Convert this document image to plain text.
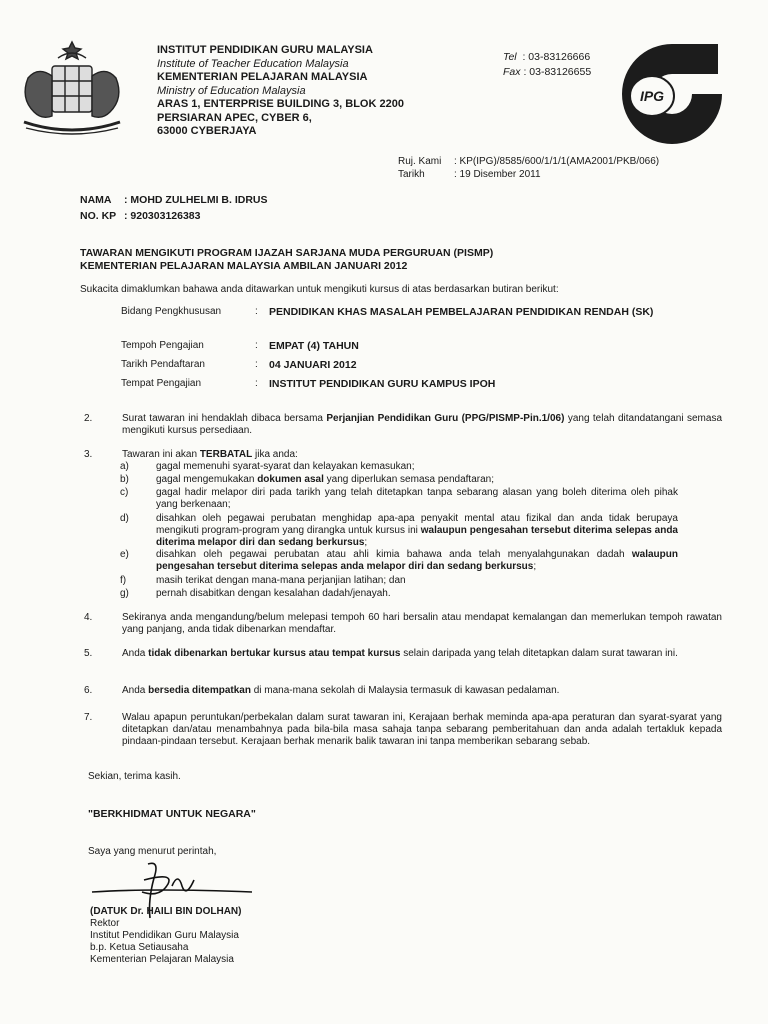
INSTITUT PENDIDIKAN GURU MALAYSIA
Institute of Teacher Education Malaysia
KEMENTERIAN PELAJARAN MALAYSIA
Ministry of Education Malaysia
ARAS 1, ENTERPRISE BUILDING 3, BLOK 2200
PERSIARAN APEC, CYBER 6,
63000 CYBERJAYA
Tel : 03-83126666
Fax : 03-83126655
IPG
Ruj. Kami	: KP(IPG)/8585/600/1/1/1(AMA2001/PKB/066)
Tarikh	: 19 Disember 2011
NAMA	: MOHD ZULHELMI B. IDRUS
NO. KP : 920303126383
TAWARAN MENGIKUTI PROGRAM IJAZAH SARJANA MUDA PERGURUAN (PISMP)
KEMENTERIAN PELAJARAN MALAYSIA AMBILAN JANUARI 2012
Sukacita dimaklumkan bahawa anda ditawarkan untuk mengikuti kursus di atas berdasarkan butiran berikut:
Bidang Pengkhususan	:	PENDIDIKAN KHAS MASALAH PEMBELAJARAN PENDIDIKAN RENDAH (SK)
Tempoh Pengajian	:	EMPAT (4) TAHUN
Tarikh Pendaftaran	:	04 JANUARI 2012
Tempat Pengajian	:	INSTITUT PENDIDIKAN GURU KAMPUS IPOH
2.	Surat tawaran ini hendaklah dibaca bersama Perjanjian Pendidikan Guru (PPG/PISMP-Pin.1/06) yang telah ditandatangani semasa mengikuti kursus persediaan.
3.	Tawaran ini akan TERBATAL jika anda:
a)	gagal memenuhi syarat-syarat dan kelayakan kemasukan;
b)	gagal mengemukakan dokumen asal yang diperlukan semasa pendaftaran;
c)	gagal hadir melapor diri pada tarikh yang telah ditetapkan tanpa sebarang alasan yang boleh diterima oleh pihak yang berkenaan;
d)	disahkan oleh pegawai perubatan menghidap apa-apa penyakit mental atau fizikal dan anda tidak berupaya mengikuti program-program yang dirangka untuk kursus ini walaupun pengesahan tersebut diterima selepas anda diterima melapor diri dan sedang berkursus;
e)	disahkan oleh pegawai perubatan atau ahli kimia bahawa anda telah menyalahgunakan dadah walaupun pengesahan tersebut diterima selepas anda melapor diri dan sedang berkursus;
f)	masih terikat dengan mana-mana perjanjian latihan; dan
g)	pernah disabitkan dengan kesalahan dadah/jenayah.
4.	Sekiranya anda mengandung/belum melepasi tempoh 60 hari bersalin atau mendapat kemalangan dan memerlukan tempoh rawatan yang panjang, anda tidak dibenarkan mendaftar.
5.	Anda tidak dibenarkan bertukar kursus atau tempat kursus selain daripada yang telah ditetapkan dalam surat tawaran ini.
6.	Anda bersedia ditempatkan di mana-mana sekolah di Malaysia termasuk di kawasan pedalaman.
7.	Walau apapun peruntukan/perbekalan dalam surat tawaran ini, Kerajaan berhak meminda apa-apa peraturan dan syarat-syarat yang ditetapkan dan/atau menambahnya pada bila-bila masa sahaja tanpa sebarang pemberitahuan dan anda adalah tertakluk kepada pindaan-pindaan tersebut. Kerajaan berhak menarik balik tawaran ini tanpa memberikan sebarang sebab.
Sekian, terima kasih.
"BERKHIDMAT UNTUK NEGARA"
Saya yang menurut perintah,
(DATUK Dr. HAILI BIN DOLHAN)
Rektor
Institut Pendidikan Guru Malaysia
b.p. Ketua Setiausaha
Kementerian Pelajaran Malaysia
